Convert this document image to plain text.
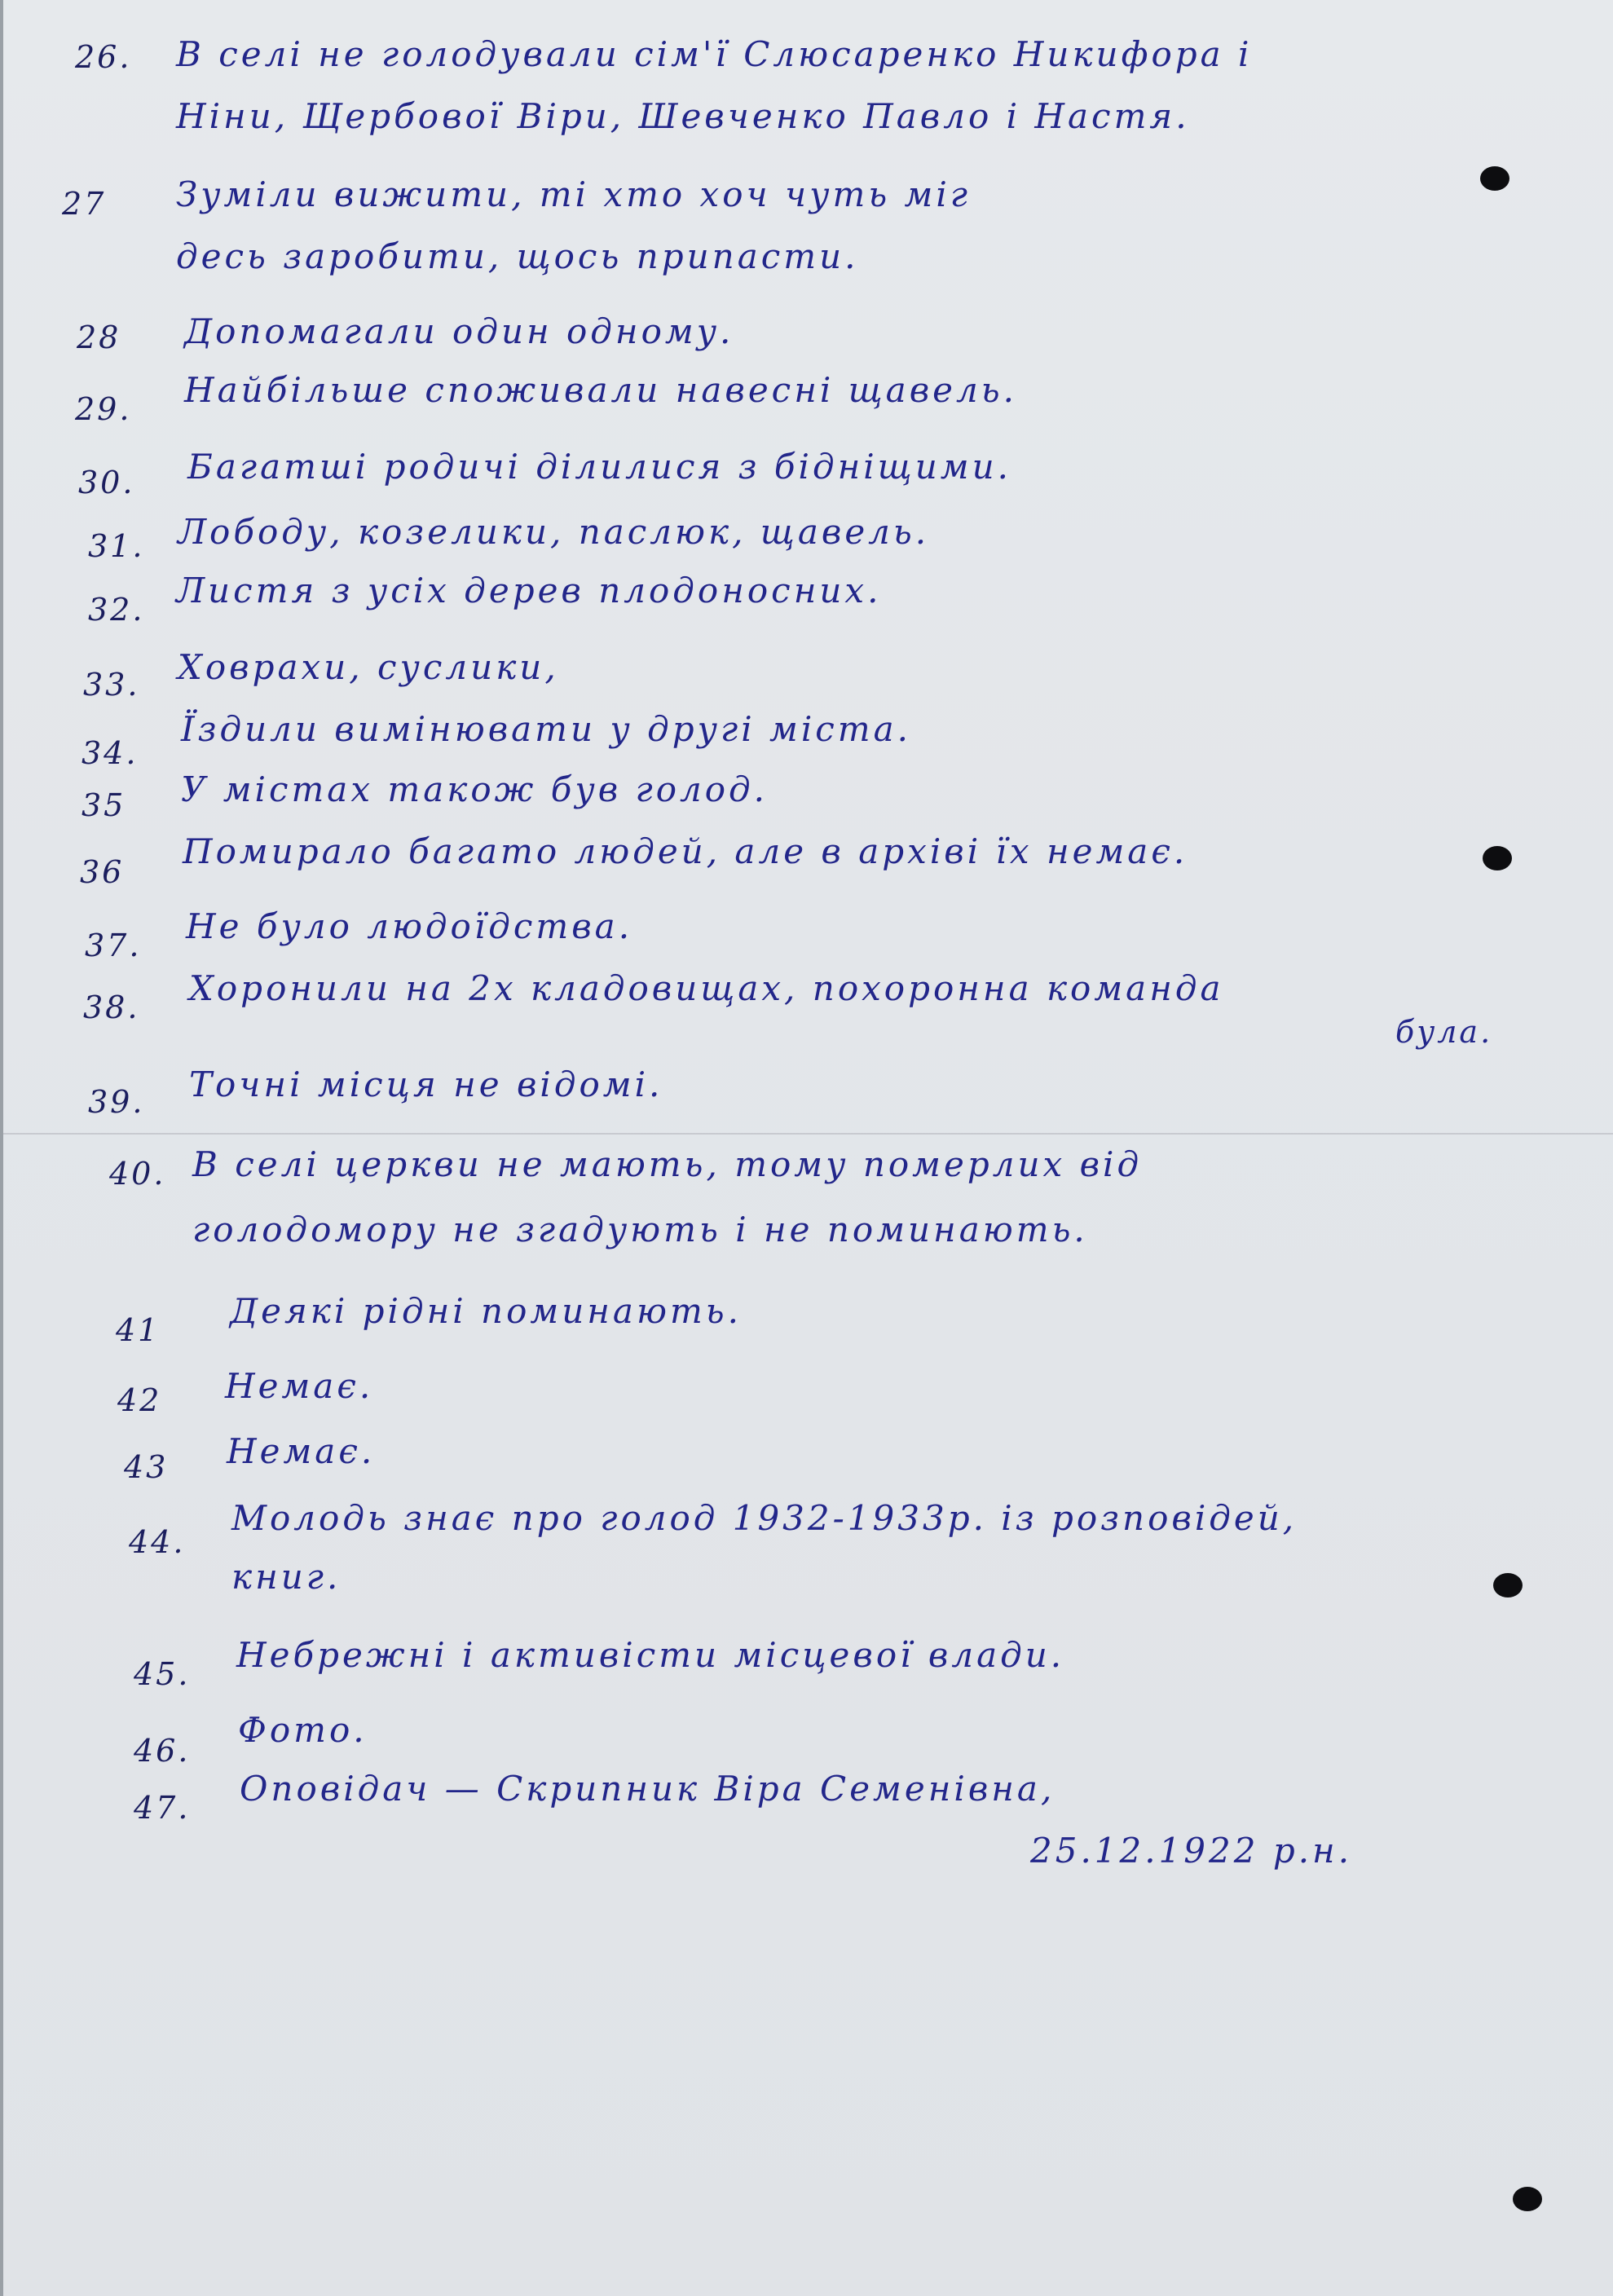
26. В селі не голодували сім'ї Слюсаренко Никифора і
Ніни, Щербової Віри, Шевченко Павло і Настя.
27 Зуміли вижити, ті хто хоч чуть міг
десь заробити, щось припасти.
28 Допомагали один одному.
29. Найбільше споживали навесні щавель.
30. Багатші родичі ділилися з бідніщими.
31. Лободу, козелики, паслюк, щавель.
32. Листя з усіх дерев плодоносних.
33. Ховрахи, суслики,
34.
Їздили вимінювати у другі міста.
35 У містах також був голод.
36
Помирало багато людей, але в архіві їх немає.
37. Не було людоїдства.
38. Хоронили на 2х кладовищах, похоронна команда
була.
39. Точні місця не відомі.
40. В селі церкви не мають, тому померлих від
голодомору не згадують і не поминають.
41 Деякі рідні поминають.
42 Немає.
43 Немає.
44.
Молодь знає про голод 1932-1933р. із розповідей,
книг.
45. Небрежні і активісти місцевої влади.
46.
Фото.
47. Оповідач — Скрипник Віра Семенівна,
25.12.1922 р.н.
